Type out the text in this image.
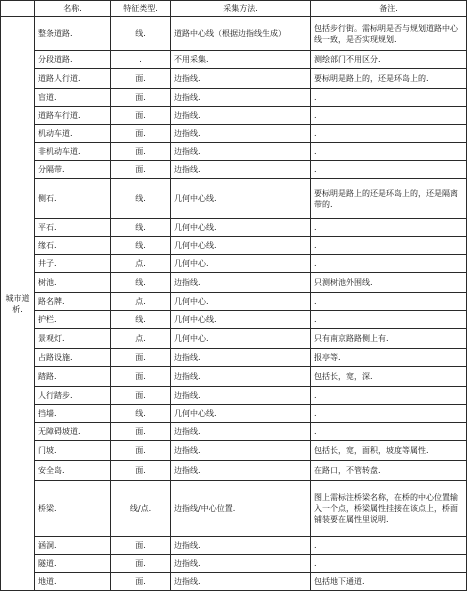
	名称.	特征类型.	采集方法.	备注.
城市道析.	整条道路.	线.	道路中心线（根据边指线生成）	包括步行街。需标明是否与规划道路中心线一致，是否实现规划.
	分段道路.	.	不用采集.	测绘部门不用区分.
	道路人行道.	面.	边指线.	要标明是路上的，还是环岛上的.
	盲道.	面.	边指线.	.
	道路车行道.	面.	边指线.	.
	机动车道.	面.	边指线.	.
	非机动车道.	面.	边指线.	.
	分隔带.	面.	边指线.	.
	侧石.	线.	几何中心线.	要标明是路上的还是环岛上的，还是隔离带的.
	平石.	线.	几何中心线.	.
	缘石.	线.	几何中心线.	.
	井子.	点.	几何中心.	.
	树池.	线.	边指线.	只测树池外围线.
	路名牌.	点.	几何中心.	.
	护栏.	线.	几何中心线.	.
	景观灯.	点.	几何中心.	只有南京路路侧上有.
	占路设施.	面.	边指线.	报亭等.
	踏路.	面.	边指线.	包括长，宽，深.
	人行踏步.	面.	边指线.	.
	挡墙.	线.	几何中心线.	.
	无障碍坡道.	面.	边指线.	.
	门坡.	面.	边指线.	包括长，宽，面积，坡度等属性.
	安全岛.	面.	边指线.	在路口，不管转盘.
	桥梁.	线/点.	边指线/中心位置.	图上需标注桥梁名称，在桥的中心位置输入一个点，桥梁属性挂接在该点上，桥面铺装要在属性里说明.
	涵洞.	面.	边指线.	.
	隧道.	面.	边指线.	.
	地道.	面.	边指线.	包括地下通道.
